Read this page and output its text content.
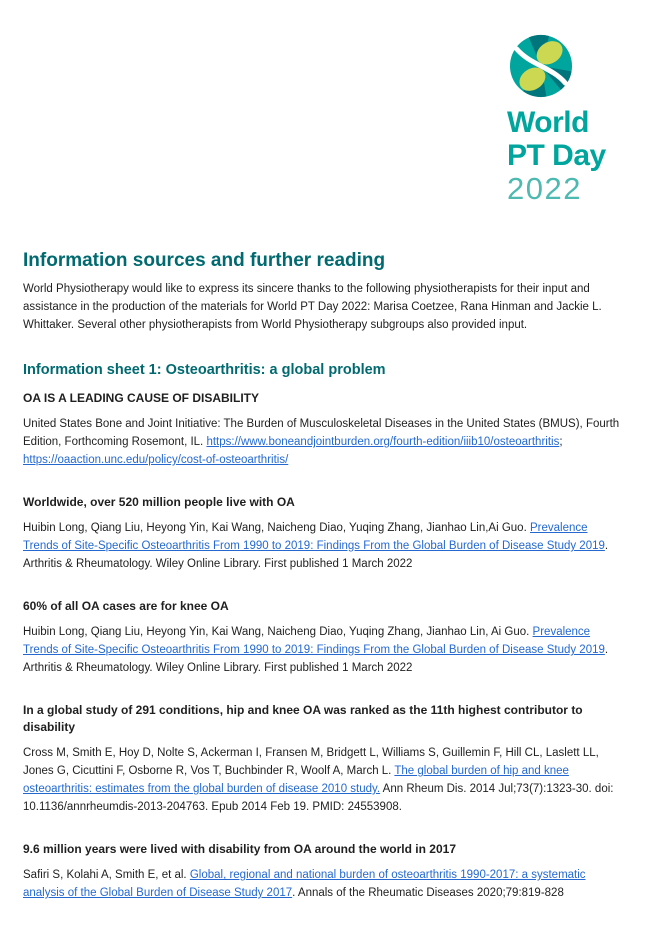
World
PT Day
2022
Information sources and further reading

World Physiotherapy would like to express its sincere thanks to the following physiotherapists for their input and assistance in the production of the materials for World PT Day 2022: Marisa Coetzee, Rana Hinman and Jackie L. Whittaker. Several other physiotherapists from World Physiotherapy subgroups also provided input.

Information sheet 1: Osteoarthritis: a global problem
OA IS A LEADING CAUSE OF DISABILITY

United States Bone and Joint Initiative: The Burden of Musculoskeletal Diseases in the United States (BMUS), Fourth Edition, Forthcoming Rosemont, IL. https://www.boneandjointburden.org/fourth-edition/iiib10/osteoarthritis; https://oaaction.unc.edu/policy/cost-of-osteoarthritis/

Worldwide, over 520 million people live with OA

Huibin Long, Qiang Liu, Heyong Yin, Kai Wang, Naicheng Diao, Yuqing Zhang, Jianhao Lin,Ai Guo. Prevalence Trends of Site-Specific Osteoarthritis From 1990 to 2019: Findings From the Global Burden of Disease Study 2019. Arthritis & Rheumatology. Wiley Online Library. First published 1 March 2022

60% of all OA cases are for knee OA

Huibin Long, Qiang Liu, Heyong Yin, Kai Wang, Naicheng Diao, Yuqing Zhang, Jianhao Lin, Ai Guo. Prevalence Trends of Site-Specific Osteoarthritis From 1990 to 2019: Findings From the Global Burden of Disease Study 2019. Arthritis & Rheumatology. Wiley Online Library. First published 1 March 2022

In a global study of 291 conditions, hip and knee OA was ranked as the 11th highest contributor to disability

Cross M, Smith E, Hoy D, Nolte S, Ackerman I, Fransen M, Bridgett L, Williams S, Guillemin F, Hill CL, Laslett LL, Jones G, Cicuttini F, Osborne R, Vos T, Buchbinder R, Woolf A, March L. The global burden of hip and knee osteoarthritis: estimates from the global burden of disease 2010 study. Ann Rheum Dis. 2014 Jul;73(7):1323-30. doi: 10.1136/annrheumdis-2013-204763. Epub 2014 Feb 19. PMID: 24553908.

9.6 million years were lived with disability from OA around the world in 2017

Safiri S, Kolahi A, Smith E, et al. Global, regional and national burden of osteoarthritis 1990-2017: a systematic analysis of the Global Burden of Disease Study 2017. Annals of the Rheumatic Diseases 2020;79:819-828
